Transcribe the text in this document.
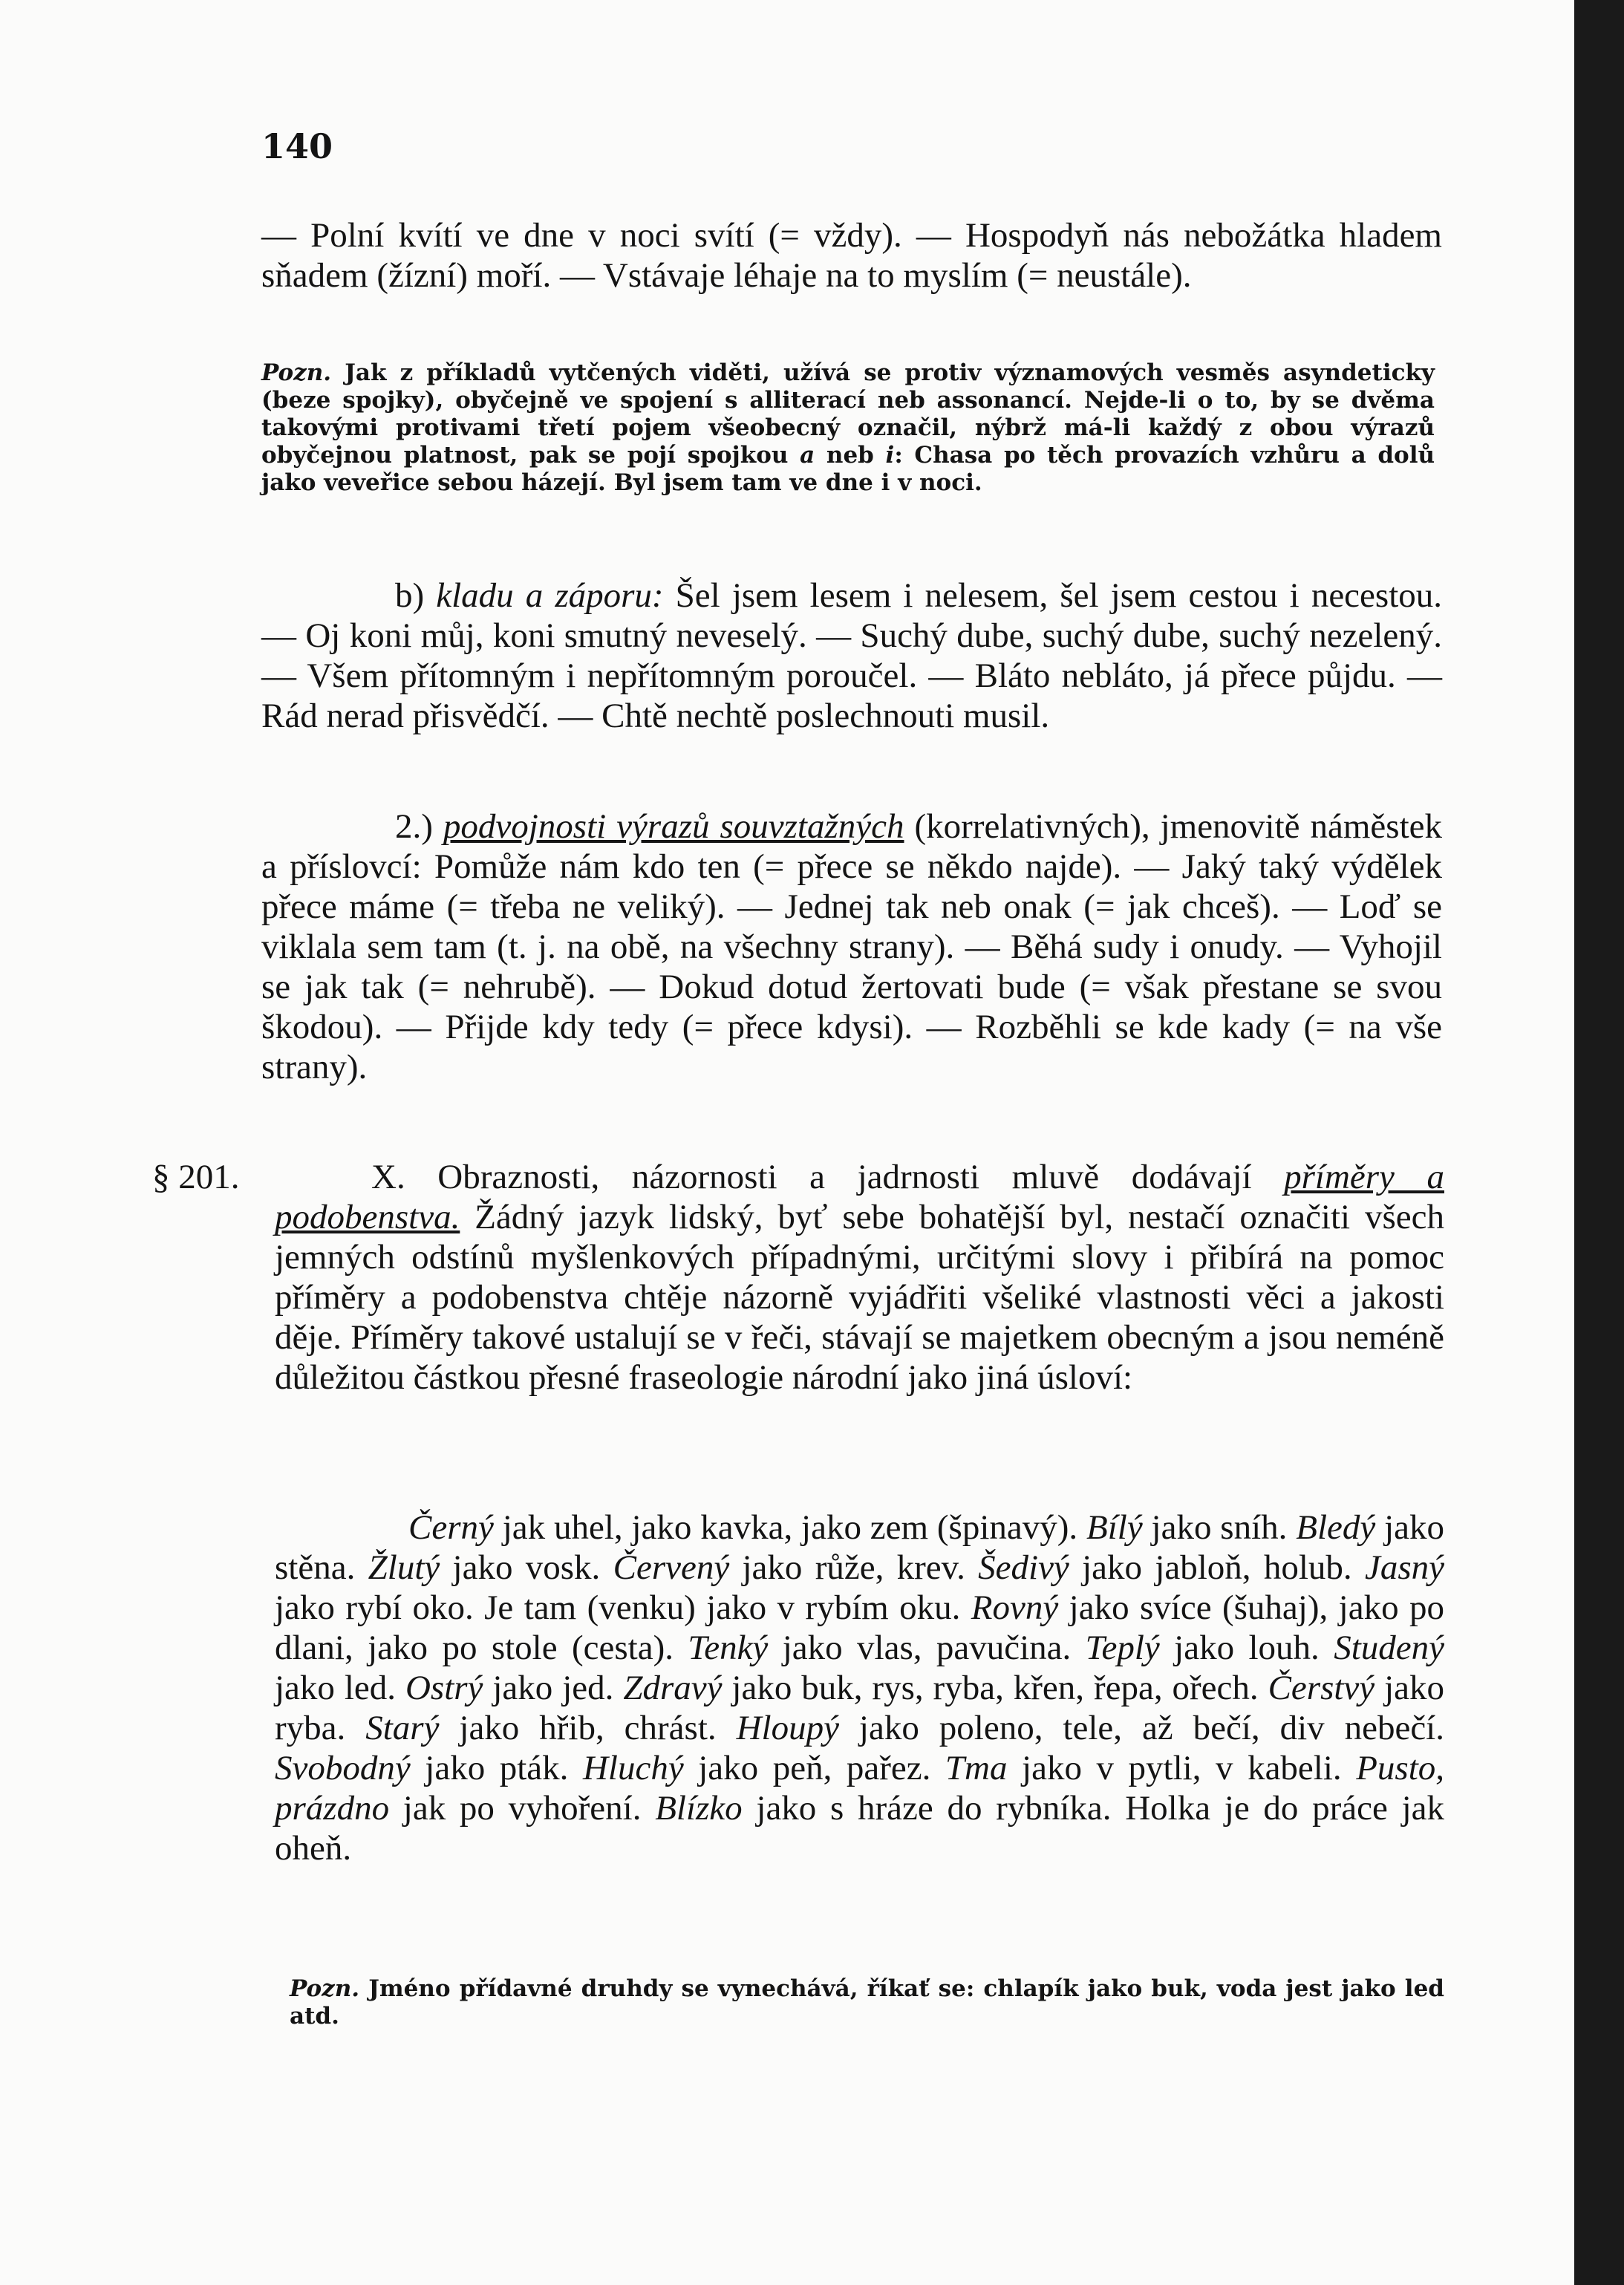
140

— Polní kvítí ve dne v noci svítí (= vždy). — Hospodyň nás nebožátka hladem sňadem (žízní) moří. — Vstávaje léhaje na to myslím (= neustále).

Pozn. Jak z příkladů vytčených viděti, užívá se protiv významových vesměs asyndeticky (beze spojky), obyčejně ve spojení s alliterací neb assonancí. Nejde-li o to, by se dvěma takovými protivami třetí pojem všeobecný označil, nýbrž má-li každý z obou výrazů obyčejnou platnost, pak se pojí spojkou a neb i: Chasa po těch provazích vzhůru a dolů jako veveřice sebou házejí. Byl jsem tam ve dne i v noci.

b) kladu a záporu: Šel jsem lesem i nelesem, šel jsem cestou i necestou. — Oj koni můj, koni smutný neveselý. — Suchý dube, suchý dube, suchý nezelený. — Všem přítomným i nepřítomným poroučel. — Bláto nebláto, já přece půjdu. — Rád nerad přisvědčí. — Chtě nechtě poslechnouti musil.

2.) podvojnosti výrazů souvztažných (korrelativných), jmenovitě náměstek a příslovcí: Pomůže nám kdo ten (= přece se někdo najde). — Jaký taký výdělek přece máme (= třeba ne veliký). — Jednej tak neb onak (= jak chceš). — Loď se viklala sem tam (t. j. na obě, na všechny strany). — Běhá sudy i onudy. — Vyhojil se jak tak (= nehrubě). — Dokud dotud žertovati bude (= však přestane se svou škodou). — Přijde kdy tedy (= přece kdysi). — Rozběhli se kde kady (= na vše strany).

§ 201.	X. Obraznosti, názornosti a jadrnosti mluvě dodávají příměry a podobenstva. Žádný jazyk lidský, byť sebe bohatější byl, nestačí označiti všech jemných odstínů myšlenkových případnými, určitými slovy i přibírá na pomoc příměry a podobenstva chtěje názorně vyjádřiti všeliké vlastnosti věci a jakosti děje. Příměry takové ustalují se v řeči, stávají se majetkem obecným a jsou neméně důležitou částkou přesné fraseologie národní jako jiná úsloví:

Černý jak uhel, jako kavka, jako zem (špinavý). Bílý jako sníh. Bledý jako stěna. Žlutý jako vosk. Červený jako růže, krev. Šedivý jako jabloň, holub. Jasný jako rybí oko. Je tam (venku) jako v rybím oku. Rovný jako svíce (šuhaj), jako po dlani, jako po stole (cesta). Tenký jako vlas, pavučina. Teplý jako louh. Studený jako led. Ostrý jako jed. Zdravý jako buk, rys, ryba, křen, řepa, ořech. Čerstvý jako ryba. Starý jako hřib, chrást. Hloupý jako poleno, tele, až bečí, div nebečí. Svobodný jako pták. Hluchý jako peň, pařez. Tma jako v pytli, v kabeli. Pusto, prázdno jak po vyhoření. Blízko jako s hráze do rybníka. Holka je do práce jak oheň.

Pozn. Jméno přídavné druhdy se vynechává, říkať se: chlapík jako buk, voda jest jako led atd.
